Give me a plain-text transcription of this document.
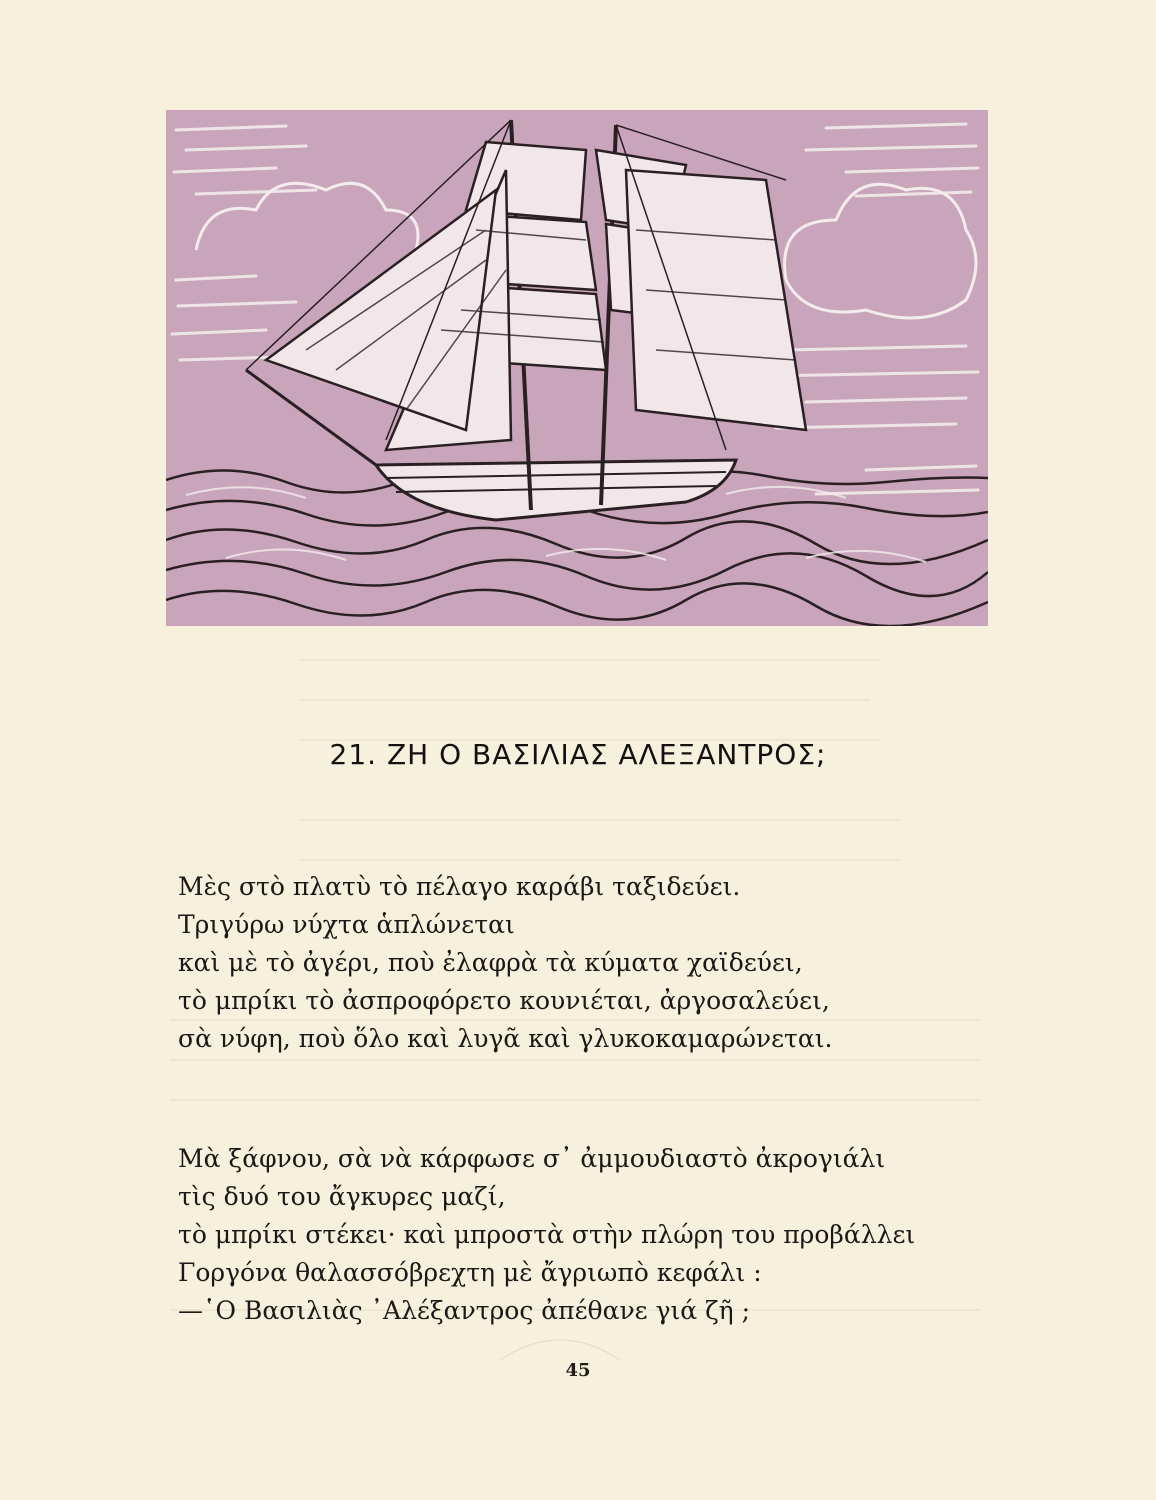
21. ΖΗ Ο ΒΑΣΙΛΙΑΣ ΑΛΕΞΑΝΤΡΟΣ;
Μὲς στὸ πλατὺ τὸ πέλαγο καράβι ταξιδεύει.
Τριγύρω νύχτα ἁπλώνεται
καὶ μὲ τὸ ἀγέρι, ποὺ ἐλαφρὰ τὰ κύματα χαϊδεύει,
τὸ μπρίκι τὸ ἀσπροφόρετο κουνιέται, ἀργοσαλεύει,
σὰ νύφη, ποὺ ὅλο καὶ λυγᾶ καὶ γλυκοκαμαρώνεται.
Μὰ ξάφνου, σὰ νὰ κάρφωσε σ᾿ ἀμμουδιαστὸ ἀκρογιάλι
τὶς δυό του ἄγκυρες μαζί,
τὸ μπρίκι στέκει· καὶ μπροστὰ στὴν πλώρη του προβάλλει
Γοργόνα θαλασσόβρεχτη μὲ ἄγριωπὸ κεφάλι :
—῾Ο Βασιλιὰς ᾿Αλέξαντρος ἀπέθανε γιά ζῆ ;
45
